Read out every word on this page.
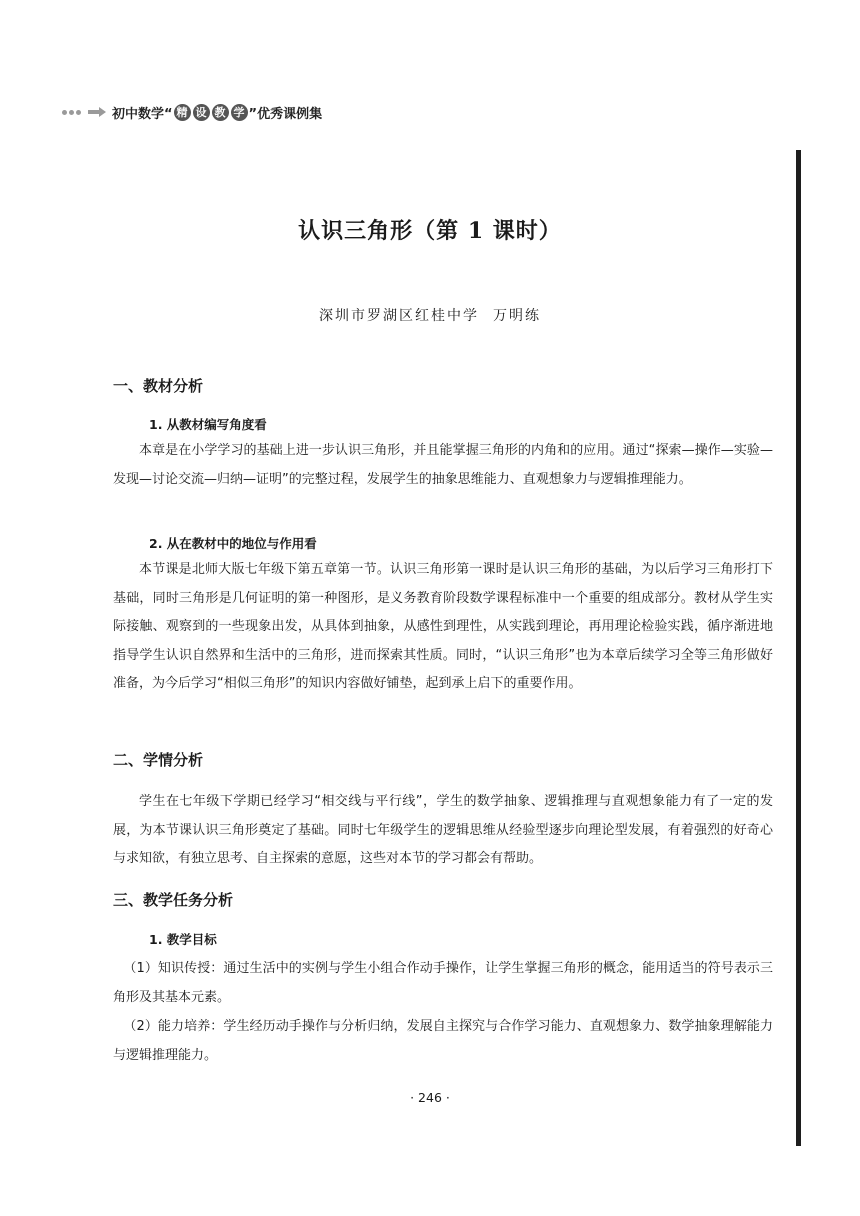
初中数学“ 精 设 教 学 ”优秀课例集
认识三角形（第 1 课时）
深圳市罗湖区红桂中学 万明练
一、教材分析
1. 从教材编写角度看
本章是在小学学习的基础上进一步认识三角形，并且能掌握三角形的内角和的应用。通过“探索—操作—实验—发现—讨论交流—归纳—证明”的完整过程，发展学生的抽象思维能力、直观想象力与逻辑推理能力。
2. 从在教材中的地位与作用看
本节课是北师大版七年级下第五章第一节。认识三角形第一课时是认识三角形的基础，为以后学习三角形打下基础，同时三角形是几何证明的第一种图形，是义务教育阶段数学课程标准中一个重要的组成部分。教材从学生实际接触、观察到的一些现象出发，从具体到抽象，从感性到理性，从实践到理论，再用理论检验实践，循序渐进地指导学生认识自然界和生活中的三角形，进而探索其性质。同时，“认识三角形”也为本章后续学习全等三角形做好准备，为今后学习“相似三角形”的知识内容做好铺垫，起到承上启下的重要作用。
二、学情分析
学生在七年级下学期已经学习“相交线与平行线”，学生的数学抽象、逻辑推理与直观想象能力有了一定的发展，为本节课认识三角形奠定了基础。同时七年级学生的逻辑思维从经验型逐步向理论型发展，有着强烈的好奇心与求知欲，有独立思考、自主探索的意愿，这些对本节的学习都会有帮助。
三、教学任务分析
1. 教学目标
（1）知识传授：通过生活中的实例与学生小组合作动手操作，让学生掌握三角形的概念，能用适当的符号表示三角形及其基本元素。
（2）能力培养：学生经历动手操作与分析归纳，发展自主探究与合作学习能力、直观想象力、数学抽象理解能力与逻辑推理能力。
· 246 ·
